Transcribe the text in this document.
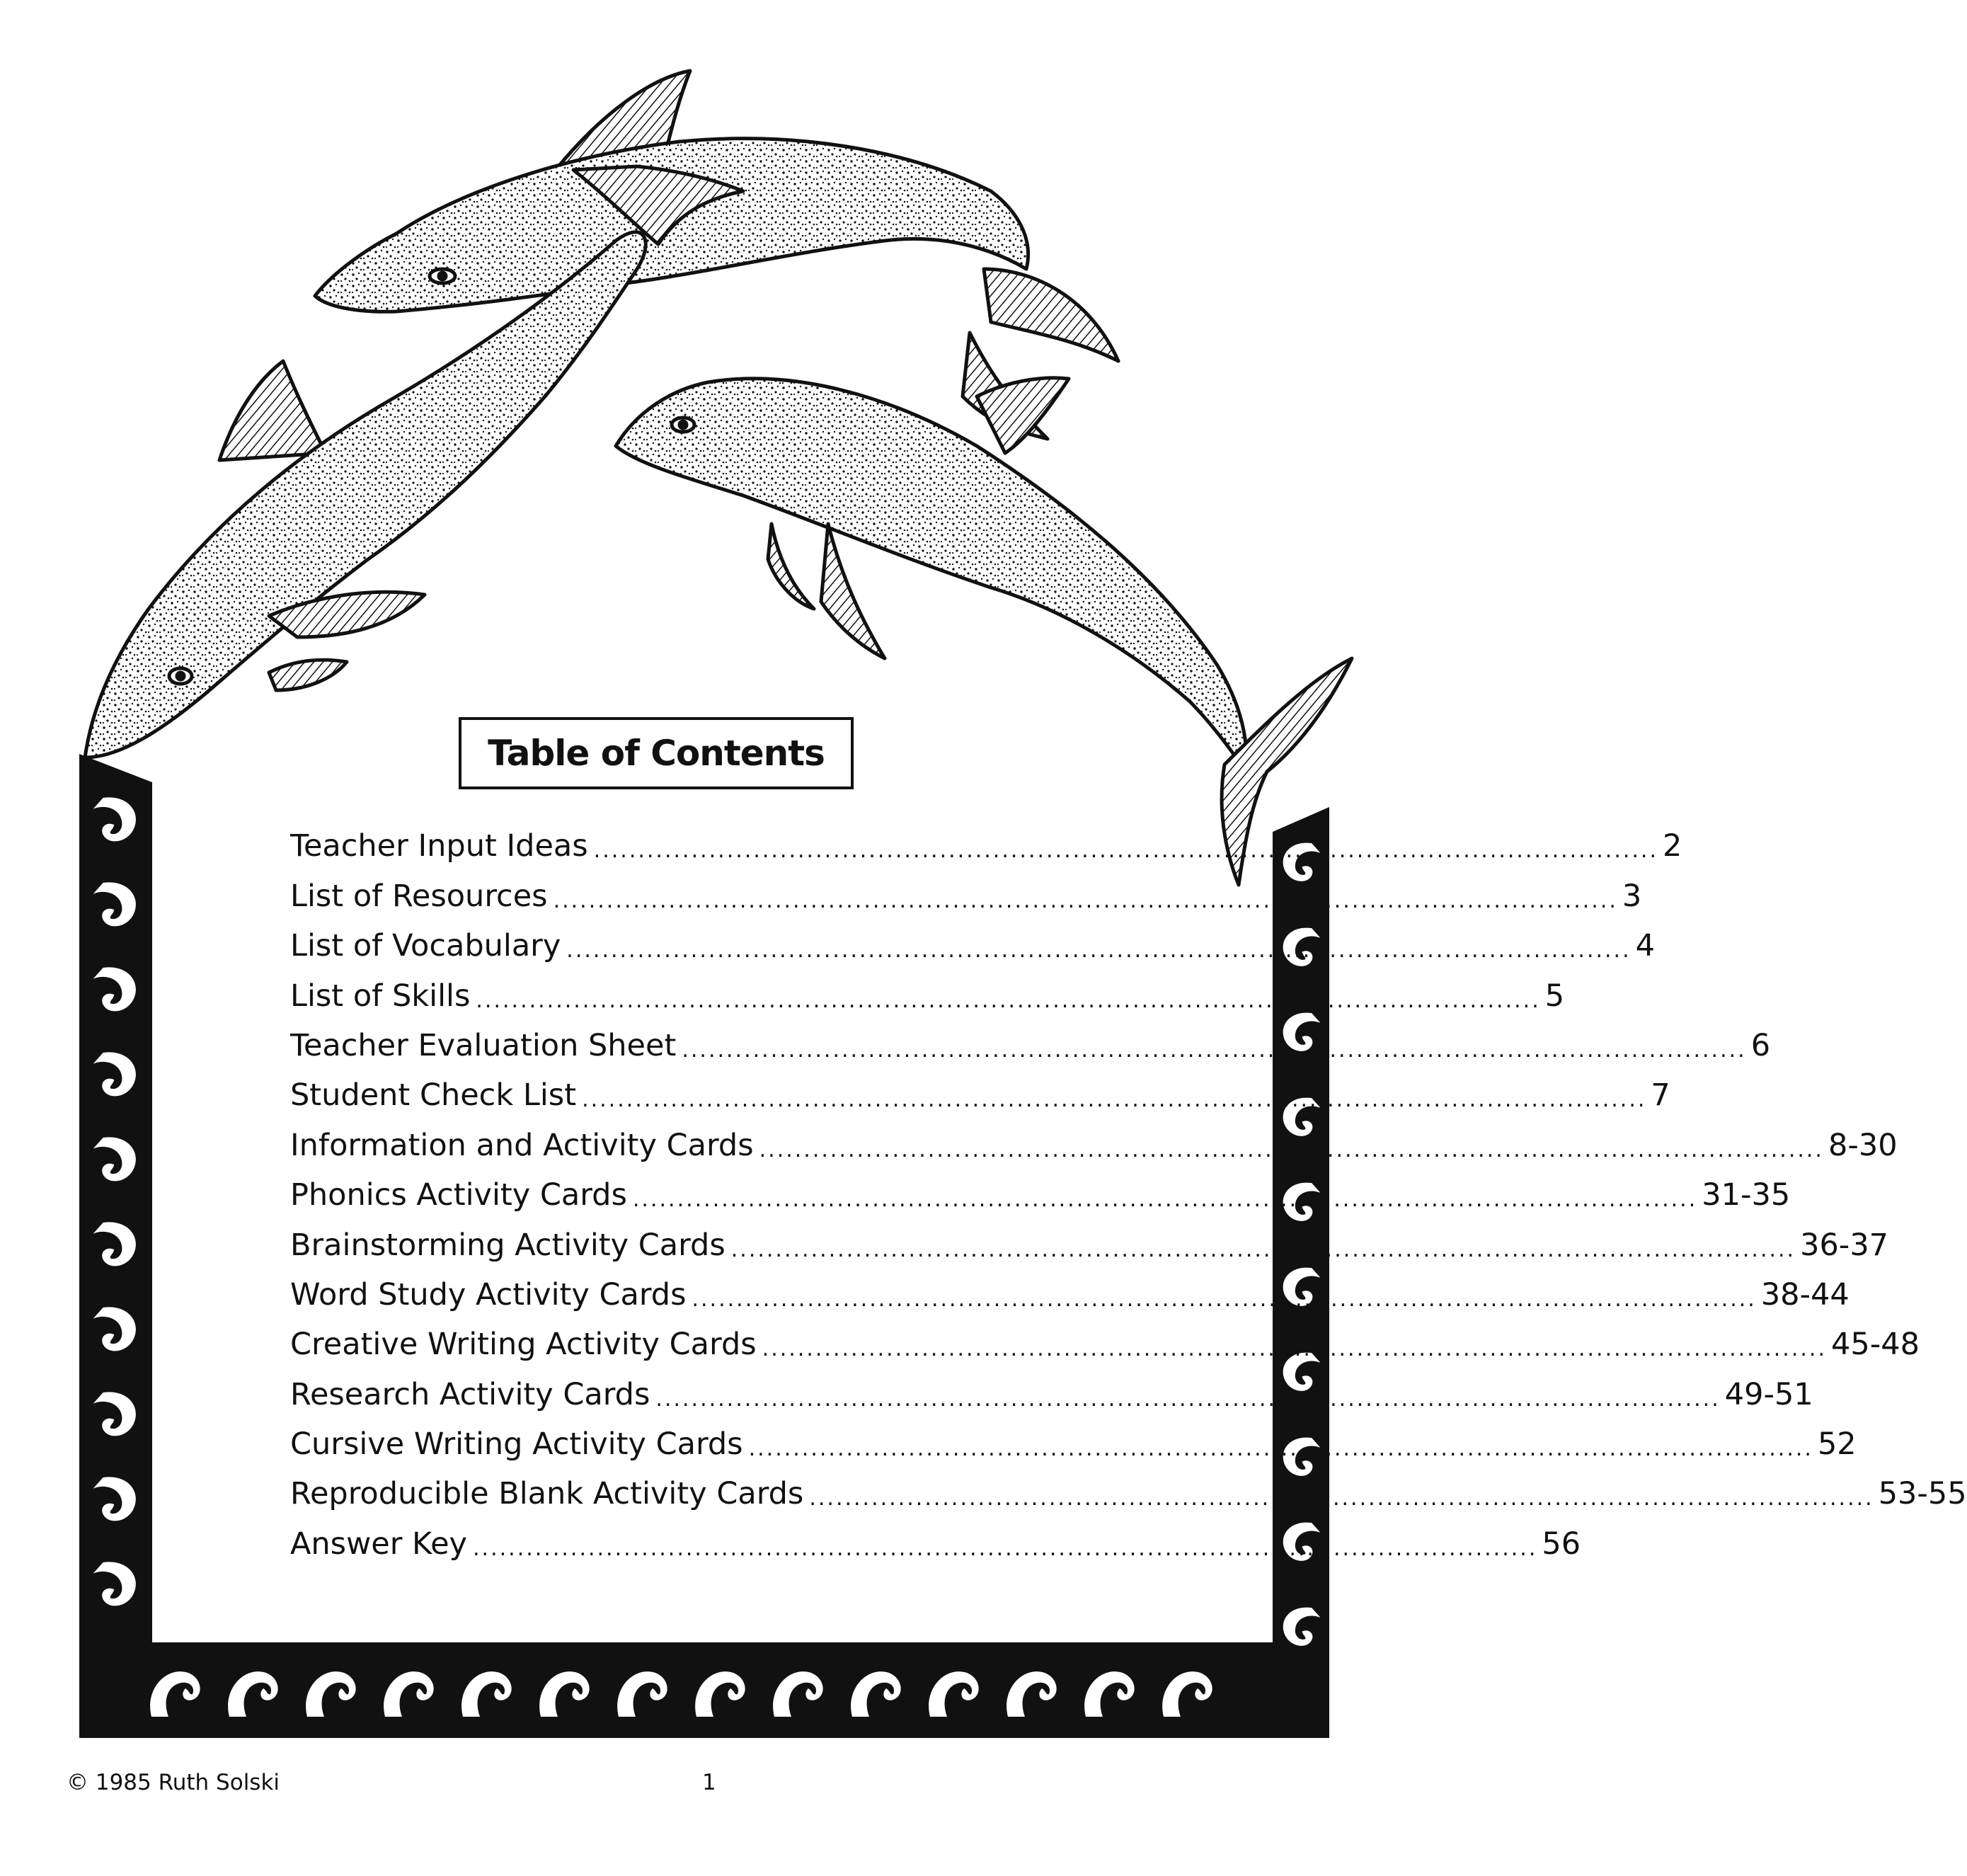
Table of Contents
Teacher Input Ideas ........................................................................................................................ 2
List of Resources ........................................................................................................................ 3
List of Vocabulary ........................................................................................................................ 4
List of Skills ........................................................................................................................ 5
Teacher Evaluation Sheet ........................................................................................................................ 6
Student Check List ........................................................................................................................ 7
Information and Activity Cards ........................................................................................................................ 8-30
Phonics Activity Cards ........................................................................................................................ 31-35
Brainstorming Activity Cards ........................................................................................................................ 36-37
Word Study Activity Cards ........................................................................................................................ 38-44
Creative Writing Activity Cards ........................................................................................................................ 45-48
Research Activity Cards ........................................................................................................................ 49-51
Cursive Writing Activity Cards ........................................................................................................................ 52
Reproducible Blank Activity Cards ........................................................................................................................ 53-55
Answer Key ........................................................................................................................ 56
© 1985 Ruth Solski	1
